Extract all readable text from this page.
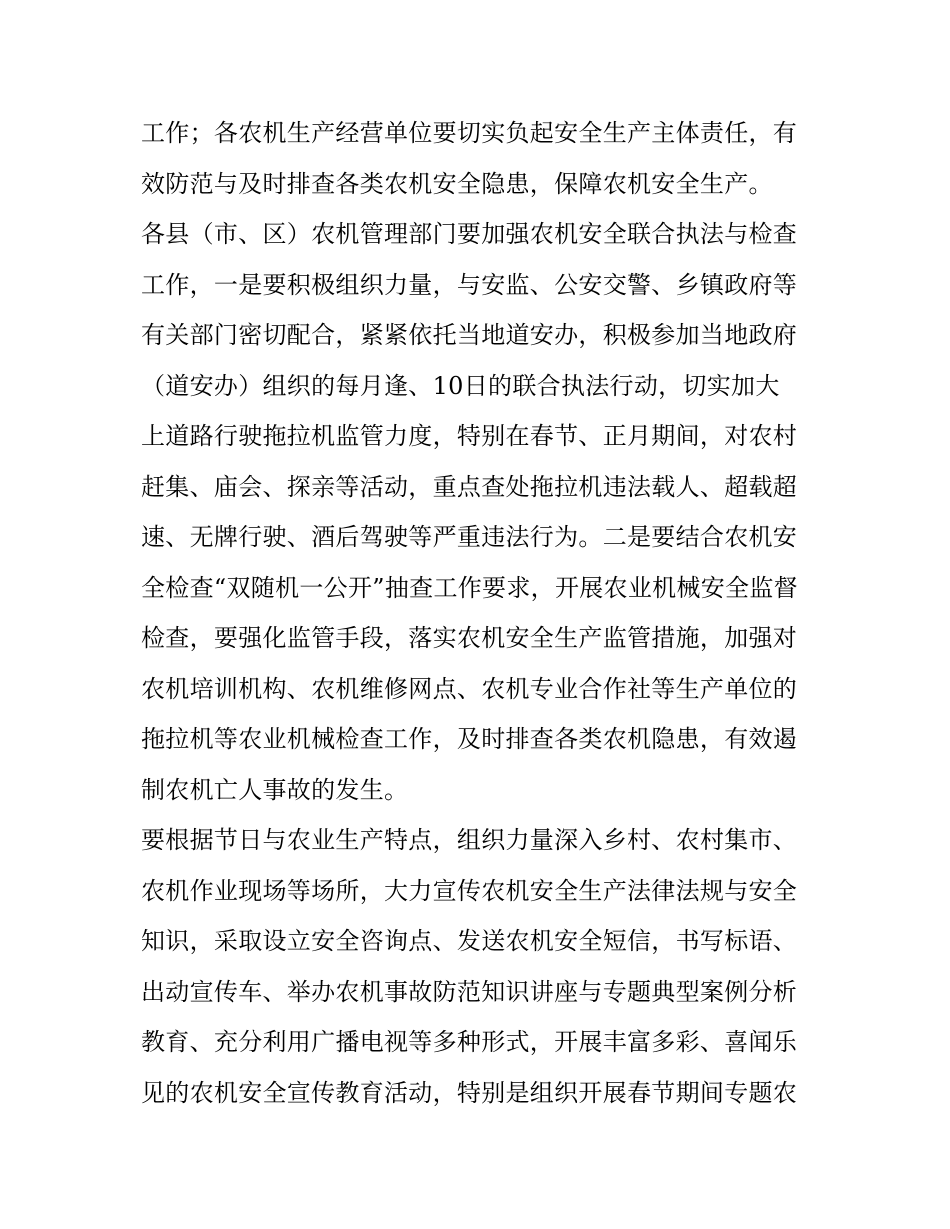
工作；各农机生产经营单位要切实负起安全生产主体责任，有
效防范与及时排查各类农机安全隐患，保障农机安全生产。
各县（市、区）农机管理部门要加强农机安全联合执法与检查
工作，一是要积极组织力量，与安监、公安交警、乡镇政府等
有关部门密切配合，紧紧依托当地道安办，积极参加当地政府
（道安办）组织的每月逢、10日的联合执法行动，切实加大
上道路行驶拖拉机监管力度，特别在春节、正月期间，对农村
赶集、庙会、探亲等活动，重点查处拖拉机违法载人、超载超
速、无牌行驶、酒后驾驶等严重违法行为。二是要结合农机安
全检查“双随机一公开”抽查工作要求，开展农业机械安全监督
检查，要强化监管手段，落实农机安全生产监管措施，加强对
农机培训机构、农机维修网点、农机专业合作社等生产单位的
拖拉机等农业机械检查工作，及时排查各类农机隐患，有效遏
制农机亡人事故的发生。
要根据节日与农业生产特点，组织力量深入乡村、农村集市、
农机作业现场等场所，大力宣传农机安全生产法律法规与安全
知识，采取设立安全咨询点、发送农机安全短信，书写标语、
出动宣传车、举办农机事故防范知识讲座与专题典型案例分析
教育、充分利用广播电视等多种形式，开展丰富多彩、喜闻乐
见的农机安全宣传教育活动，特别是组织开展春节期间专题农
